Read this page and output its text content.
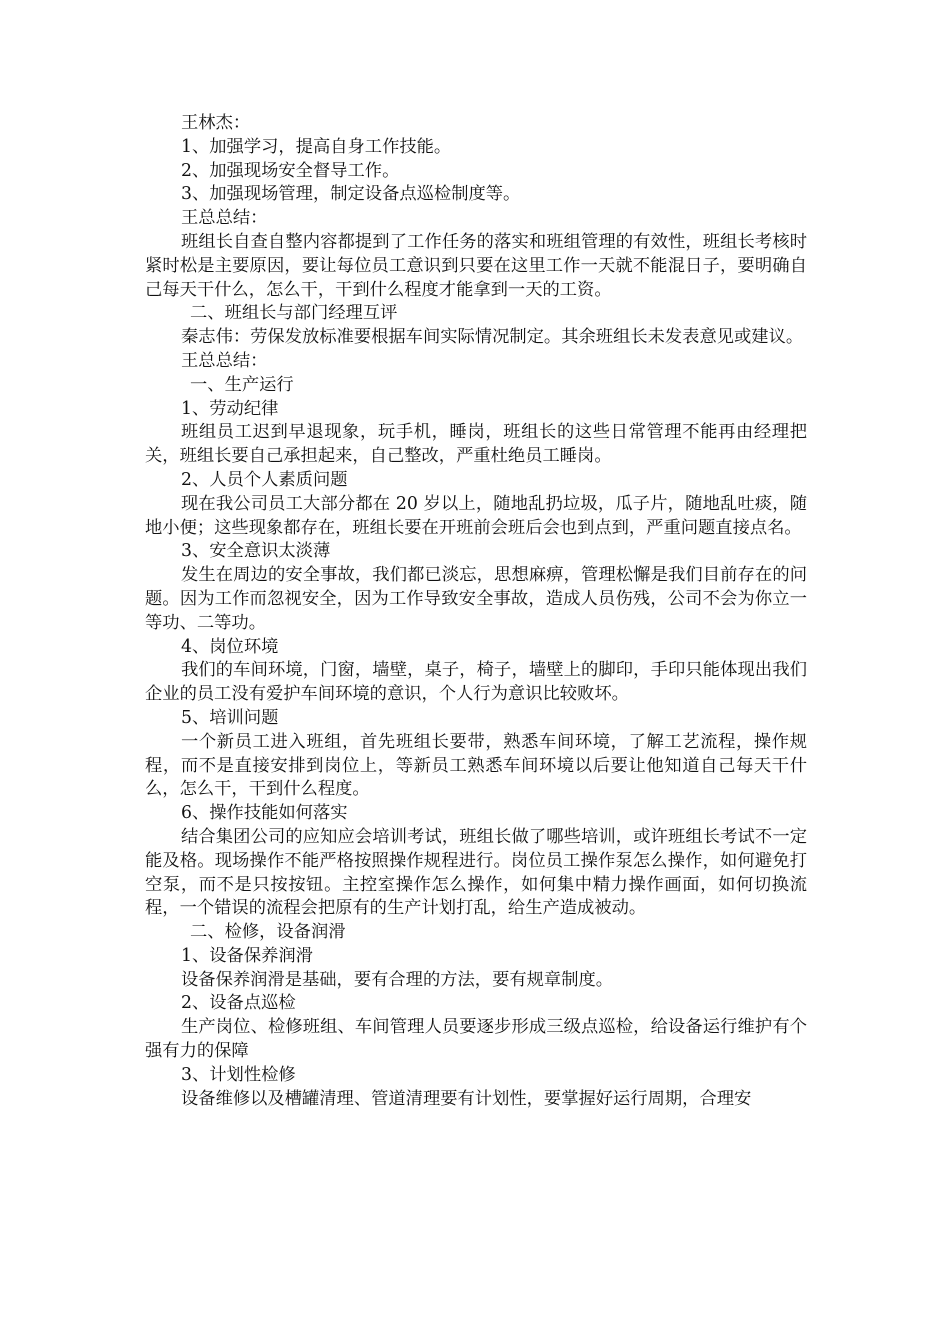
王林杰：

1、加强学习，提高自身工作技能。

2、加强现场安全督导工作。

3、加强现场管理，制定设备点巡检制度等。

王总总结：

班组长自查自整内容都提到了工作任务的落实和班组管理的有效性，班组长考核时紧时松是主要原因，要让每位员工意识到只要在这里工作一天就不能混日子，要明确自己每天干什么，怎么干，干到什么程度才能拿到一天的工资。

二、班组长与部门经理互评

秦志伟：劳保发放标准要根据车间实际情况制定。其余班组长未发表意见或建议。

王总总结：

一、生产运行

1、劳动纪律

班组员工迟到早退现象，玩手机，睡岗，班组长的这些日常管理不能再由经理把关，班组长要自己承担起来，自己整改，严重杜绝员工睡岗。

2、人员个人素质问题

现在我公司员工大部分都在 20 岁以上，随地乱扔垃圾，瓜子片，随地乱吐痰，随地小便；这些现象都存在，班组长要在开班前会班后会也到点到，严重问题直接点名。

3、安全意识太淡薄

发生在周边的安全事故，我们都已淡忘，思想麻痹，管理松懈是我们目前存在的问题。因为工作而忽视安全，因为工作导致安全事故，造成人员伤残，公司不会为你立一等功、二等功。

4、岗位环境

我们的车间环境，门窗，墙壁，桌子，椅子，墙壁上的脚印，手印只能体现出我们企业的员工没有爱护车间环境的意识，个人行为意识比较败坏。

5、培训问题

一个新员工进入班组，首先班组长要带，熟悉车间环境，了解工艺流程，操作规程，而不是直接安排到岗位上，等新员工熟悉车间环境以后要让他知道自己每天干什么，怎么干，干到什么程度。

6、操作技能如何落实

结合集团公司的应知应会培训考试，班组长做了哪些培训，或许班组长考试不一定能及格。现场操作不能严格按照操作规程进行。岗位员工操作泵怎么操作，如何避免打空泵，而不是只按按钮。主控室操作怎么操作，如何集中精力操作画面，如何切换流程，一个错误的流程会把原有的生产计划打乱，给生产造成被动。

二、检修，设备润滑

1、设备保养润滑

设备保养润滑是基础，要有合理的方法，要有规章制度。

2、设备点巡检

生产岗位、检修班组、车间管理人员要逐步形成三级点巡检，给设备运行维护有个强有力的保障

3、计划性检修

设备维修以及槽罐清理、管道清理要有计划性，要掌握好运行周期，合理安
